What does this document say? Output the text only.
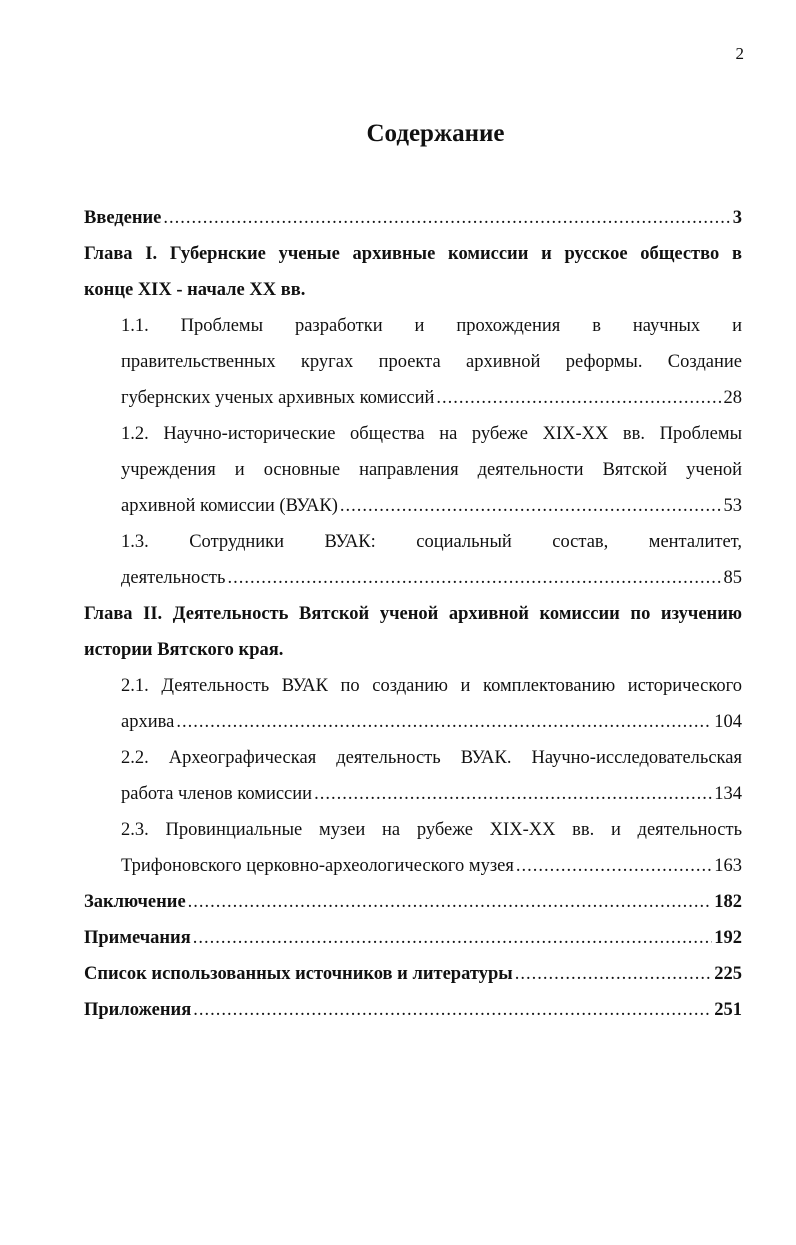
2
Содержание
Введение .....	3
Глава I. Губернские ученые архивные комиссии и русское общество в
конце XIX - начале XX вв.
1.1. Проблемы разработки и прохождения в научных и
правительственных кругах проекта архивной реформы. Создание
губернских ученых архивных комиссий .....	28
1.2. Научно-исторические общества на рубеже XIX-XX вв. Проблемы
учреждения и основные направления деятельности Вятской ученой
архивной комиссии (ВУАК) .....	53
1.3. Сотрудники ВУАК: социальный состав, менталитет,
деятельность .....	85
Глава II. Деятельность Вятской ученой архивной комиссии по изучению
истории Вятского края.
2.1. Деятельность ВУАК по созданию и комплектованию исторического
архива .....	104
2.2. Археографическая деятельность ВУАК. Научно-исследовательская
работа членов комиссии .....	134
2.3. Провинциальные музеи на рубеже XIX-XX вв. и деятельность
Трифоновского церковно-археологического музея .....	163
Заключение .....	182
Примечания .....	192
Список использованных источников и литературы .....	225
Приложения .....	251
